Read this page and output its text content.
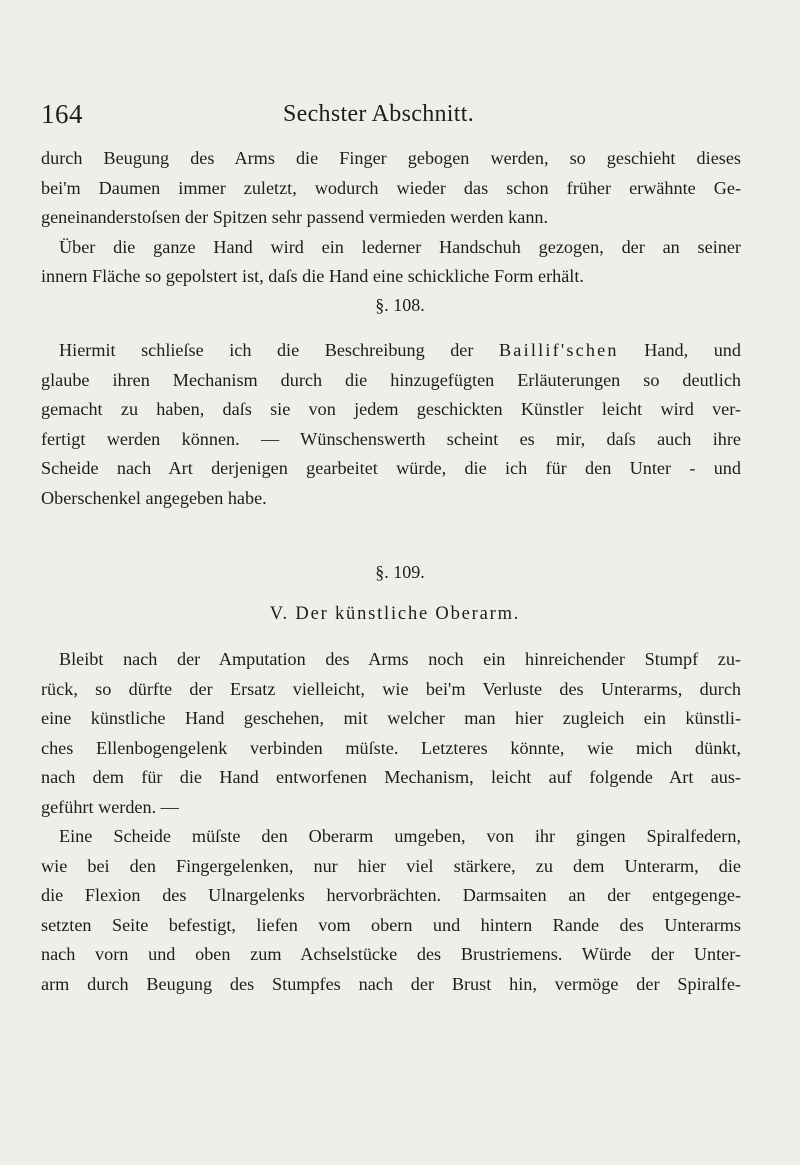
164	Sechster Abschnitt.
durch Beugung des Arms die Finger gebogen werden, so geschieht dieses
bei'm Daumen immer zuletzt, wodurch wieder das schon früher erwähnte Ge-
geneinanderstoſsen der Spitzen sehr passend vermieden werden kann.
Über die ganze Hand wird ein lederner Handschuh gezogen, der an seiner
innern Fläche so gepolstert ist, daſs die Hand eine schickliche Form erhält.
§. 108.
Hiermit schlieſse ich die Beschreibung der Baillif'schen Hand, und
glaube ihren Mechanism durch die hinzugefügten Erläuterungen so deutlich
gemacht zu haben, daſs sie von jedem geschickten Künstler leicht wird ver-
fertigt werden können. — Wünschenswerth scheint es mir, daſs auch ihre
Scheide nach Art derjenigen gearbeitet würde, die ich für den Unter - und
Oberschenkel angegeben habe.
§. 109.
V. Der künstliche Oberarm.
Bleibt nach der Amputation des Arms noch ein hinreichender Stumpf zu-
rück, so dürfte der Ersatz vielleicht, wie bei'm Verluste des Unterarms, durch
eine künstliche Hand geschehen, mit welcher man hier zugleich ein künstli-
ches Ellenbogengelenk verbinden müſste. Letzteres könnte, wie mich dünkt,
nach dem für die Hand entworfenen Mechanism, leicht auf folgende Art aus-
geführt werden. —
Eine Scheide müſste den Oberarm umgeben, von ihr gingen Spiralfedern,
wie bei den Fingergelenken, nur hier viel stärkere, zu dem Unterarm, die
die Flexion des Ulnargelenks hervorbrächten. Darmsaiten an der entgegenge-
setzten Seite befestigt, liefen vom obern und hintern Rande des Unterarms
nach vorn und oben zum Achselstücke des Brustriemens. Würde der Unter-
arm durch Beugung des Stumpfes nach der Brust hin, vermöge der Spiralfe-
